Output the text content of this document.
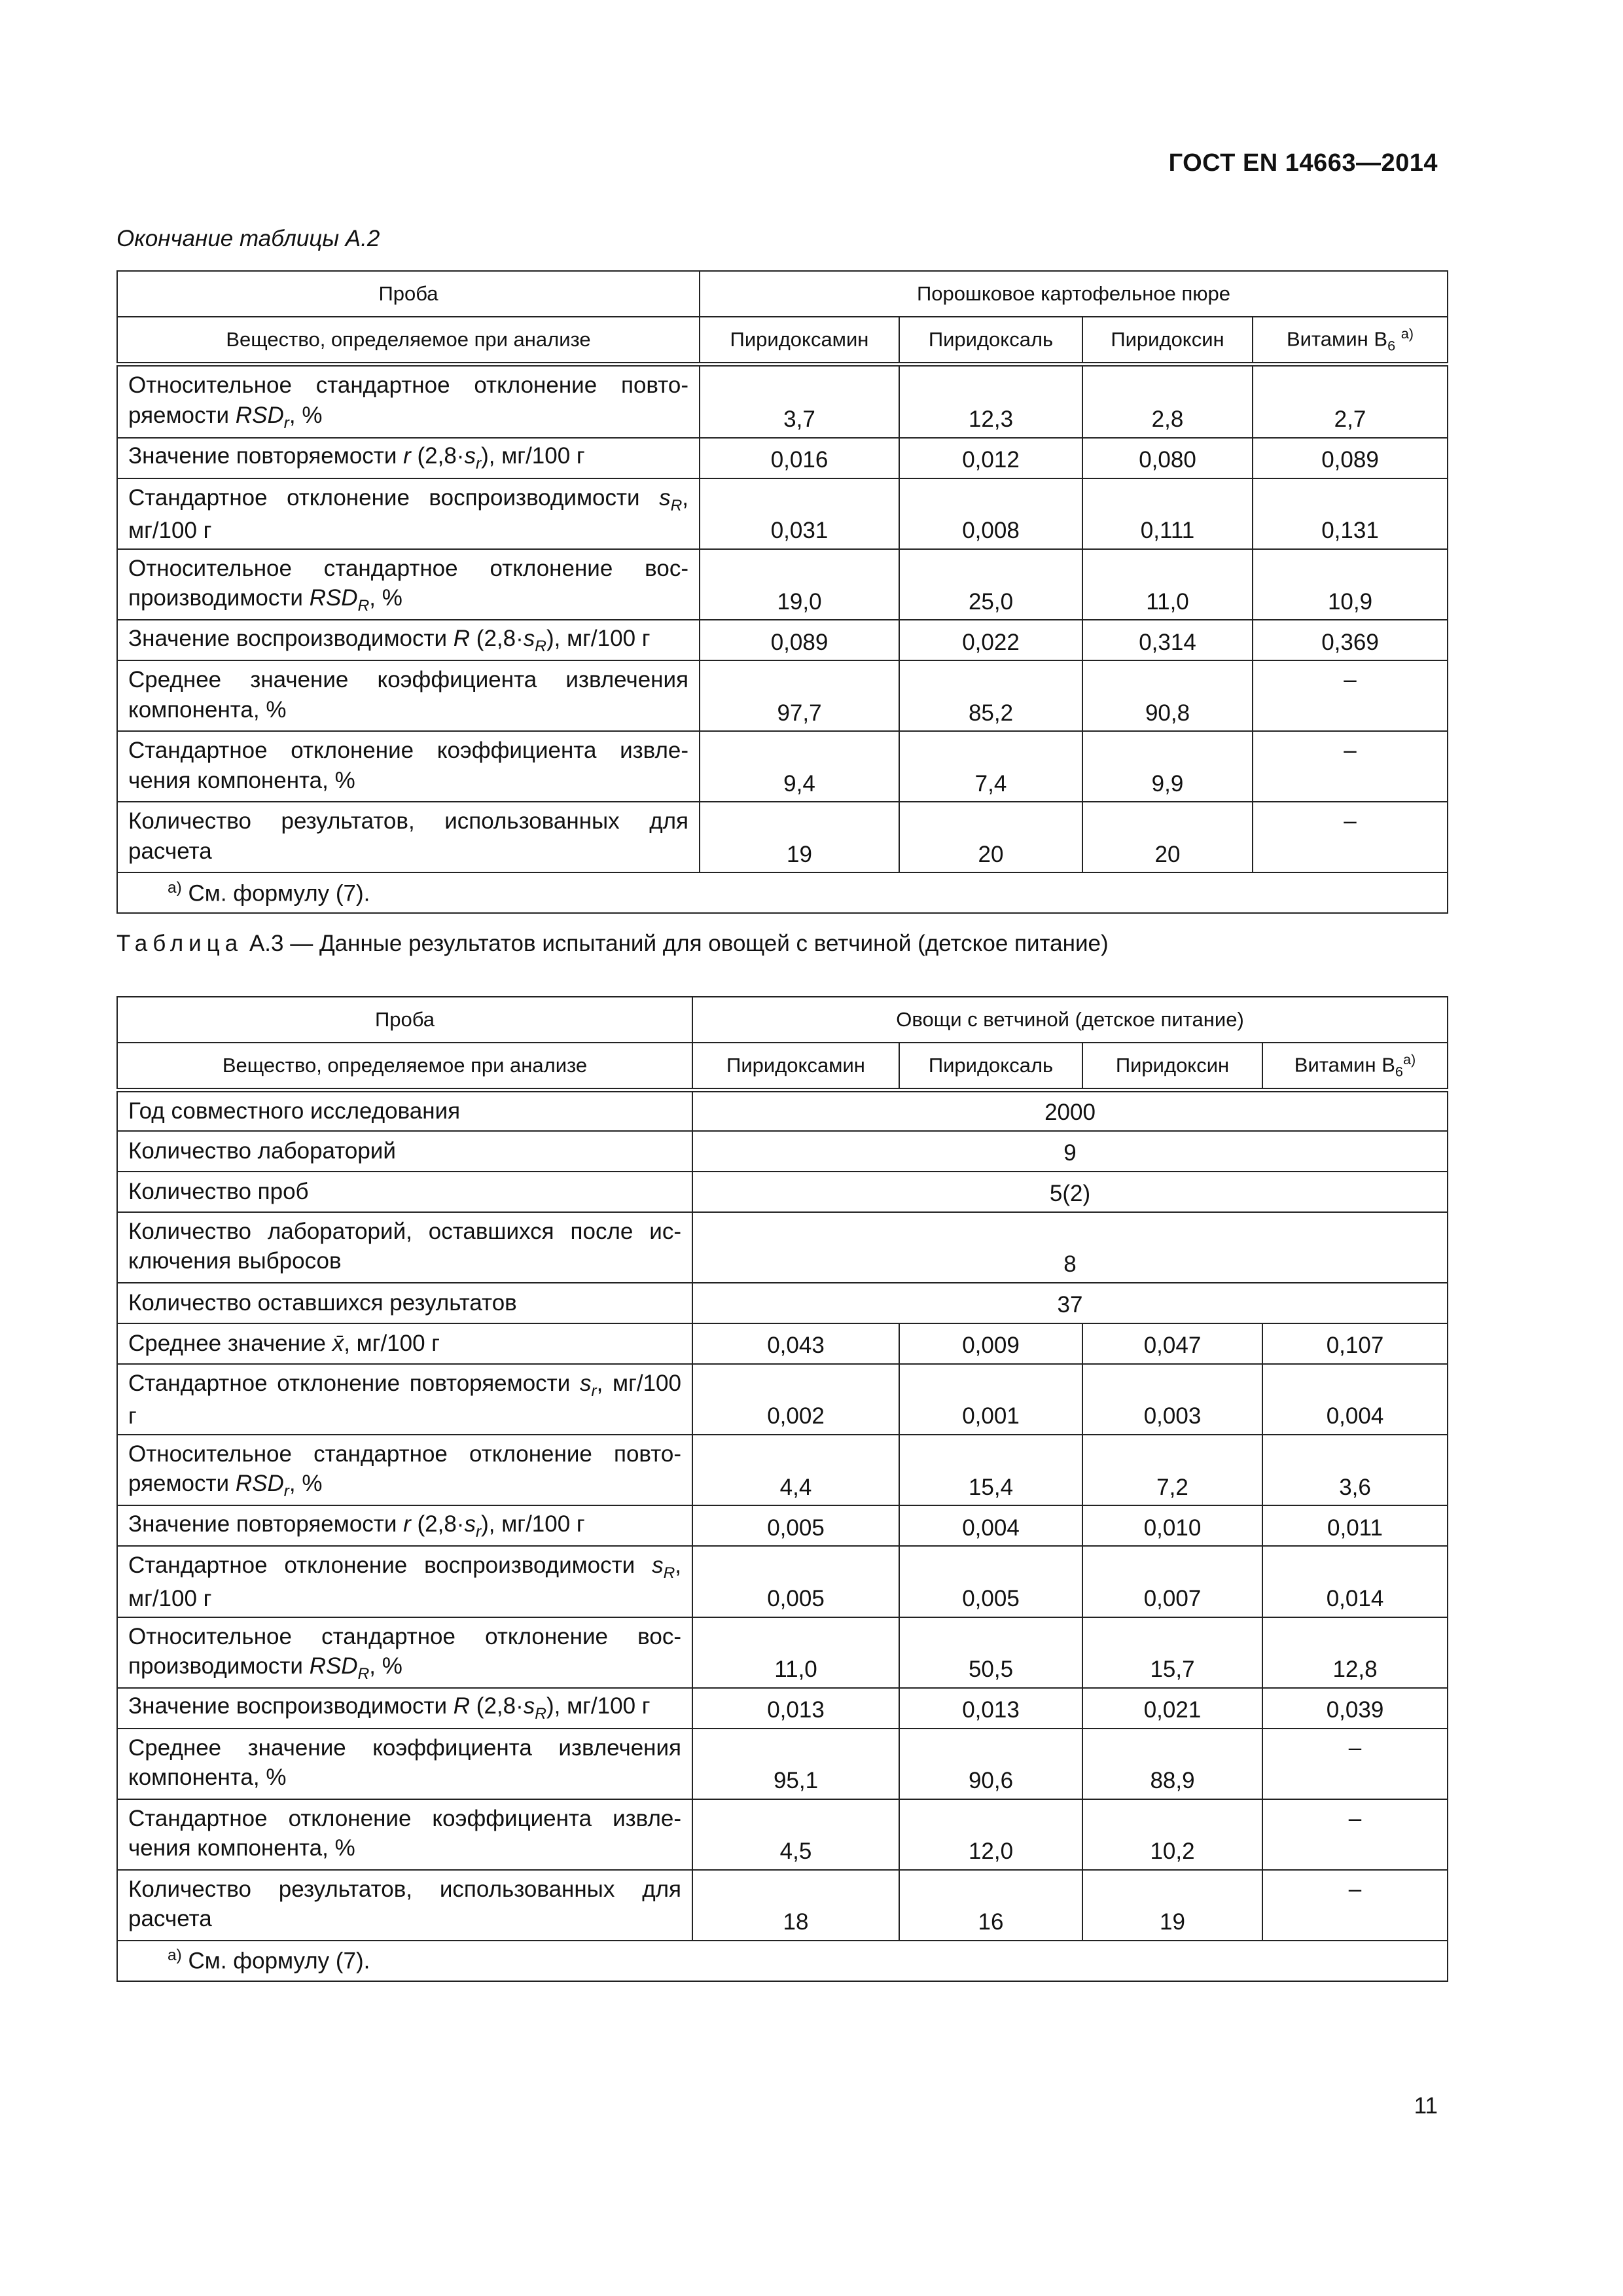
ГОСТ EN 14663—2014
Окончание таблицы А.2
Проба	Порошковое картофельное пюре			
Вещество, определяемое при анализе	Пиридоксамин	Пиридоксаль	Пиридоксин	Витамин $B_6$ $^{a)}$
Относительное стандартное отклонение повто-ряемости $RSD_r$, %	3,7	12,3	2,8	2,7
Значение повторяемости r $(2,8\cdot s_r)$, мг/100 г	0,016	0,012	0,080	0,089
Стандартное отклонение воспроизводимости $s_R$, мг/100 г	0,031	0,008	0,111	0,131
Относительное стандартное отклонение вос-производимости $RSD_R$, %	19,0	25,0	11,0	10,9
Значение воспроизводимости R $(2,8\cdot s_R)$, мг/100 г	0,089	0,022	0,314	0,369
Среднее значение коэффициента извлечения компонента, %	97,7	85,2	90,8	–
Стандартное отклонение коэффициента извле-чения компонента, %	9,4	7,4	9,9	–
Количество результатов, использованных для расчета	19	20	20	–
$^{а)}$ См. формулу (7).				
Таблица А.3 — Данные результатов испытаний для овощей с ветчиной (детское питание)
Проба	Овощи с ветчиной (детское питание)			
Вещество, определяемое при анализе	Пиридоксамин	Пиридоксаль	Пиридоксин	Витамин $B_6^{a)}$
Год совместного исследования	2000			
Количество лабораторий	9			
Количество проб	5(2)			
Количество лабораторий, оставшихся после ис-ключения выбросов	8			
Количество оставшихся результатов	37			
Среднее значение x̄, мг/100 г	0,043	0,009	0,047	0,107
Стандартное отклонение повторяемости $s_r$, мг/100 г	0,002	0,001	0,003	0,004
Относительное стандартное отклонение повто-ряемости $RSD_r$, %	4,4	15,4	7,2	3,6
Значение повторяемости r $(2,8\cdot s_r)$, мг/100 г	0,005	0,004	0,010	0,011
Стандартное отклонение воспроизводимости $s_R$, мг/100 г	0,005	0,005	0,007	0,014
Относительное стандартное отклонение вос-производимости $RSD_R$, %	11,0	50,5	15,7	12,8
Значение воспроизводимости R $(2,8\cdot s_R)$, мг/100 г	0,013	0,013	0,021	0,039
Среднее значение коэффициента извлечения компонента, %	95,1	90,6	88,9	–
Стандартное отклонение коэффициента извле-чения компонента, %	4,5	12,0	10,2	–
Количество результатов, использованных для расчета	18	16	19	–
$^{а)}$ См. формулу (7).				
11
